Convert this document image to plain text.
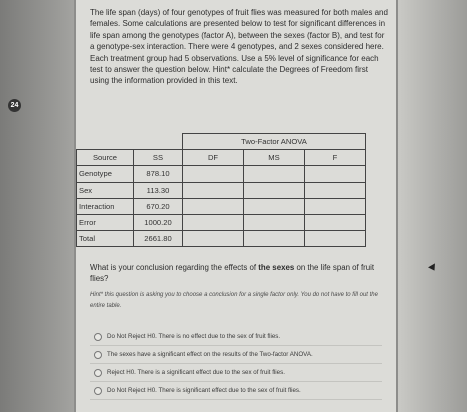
24
The life span (days) of four genotypes of fruit flies was measured for both males and females. Some calculations are presented below to test for significant differences in life span among the genotypes (factor A), between the sexes (factor B), and test for a genotype-sex interaction. There were 4 genotypes, and 2 sexes considered here. Each treatment group had 5 observations. Use a 5% level of significance for each test to answer the question below. Hint* calculate the Degrees of Freedom first using the information provided in this text.
		Two-Factor ANOVA		
Source	SS	DF	MS	F
Genotype	878.10			
Sex	113.30			
Interaction	670.20			
Error	1000.20			
Total	2661.80			
What is your conclusion regarding the effects of the sexes on the life span of fruit flies?
Hint* this question is asking you to choose a conclusion for a single factor only. You do not have to fill out the entire table.
Do Not Reject H0. There is no effect due to the sex of fruit flies.
The sexes have a significant effect on the results of the Two-factor ANOVA.
Reject H0. There is a significant effect due to the sex of fruit flies.
Do Not Reject H0. There is significant effect due to the sex of fruit flies.
